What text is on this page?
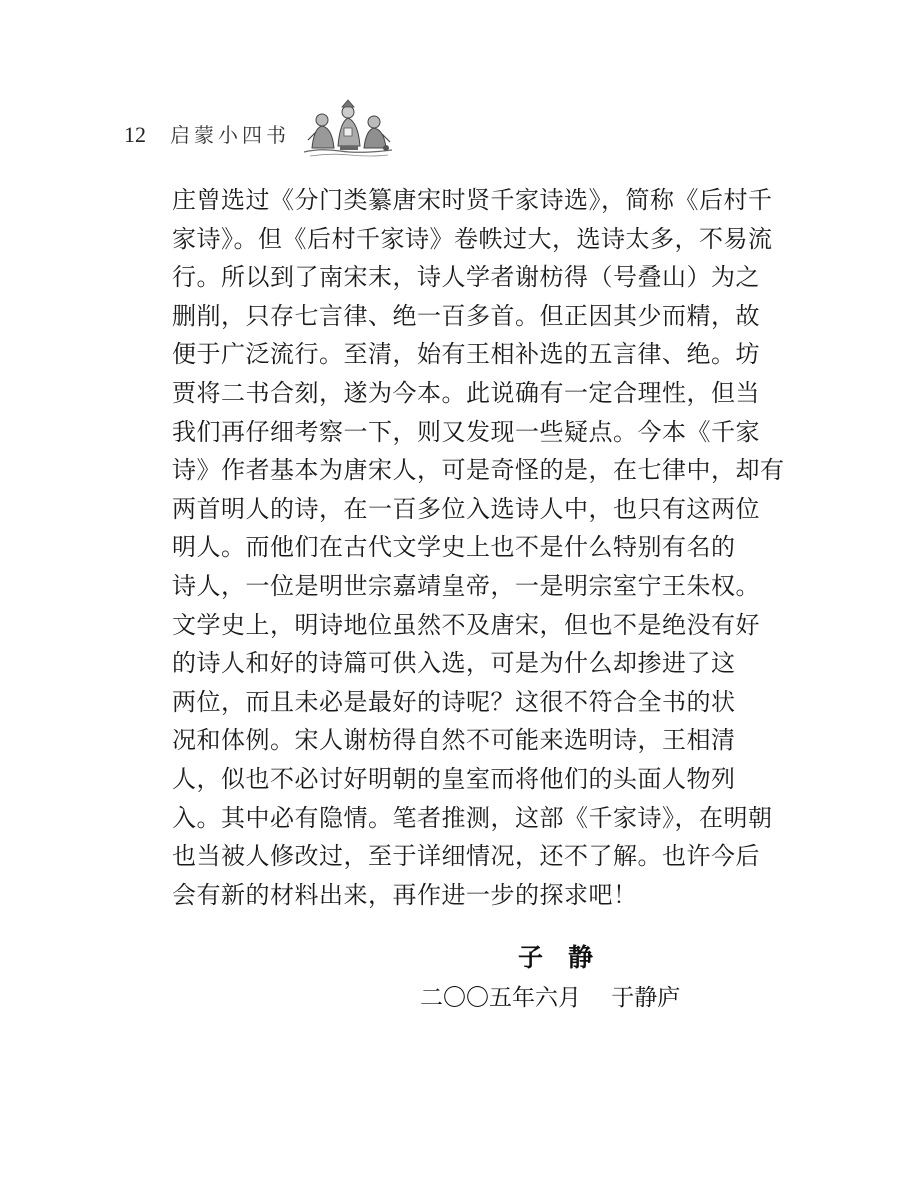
12 启蒙小四书
庄曾选过《分门类纂唐宋时贤千家诗选》，简称《后村千
家诗》。但《后村千家诗》卷帙过大，选诗太多，不易流
行。所以到了南宋末，诗人学者谢枋得（号叠山）为之
删削，只存七言律、绝一百多首。但正因其少而精，故
便于广泛流行。至清，始有王相补选的五言律、绝。坊
贾将二书合刻，遂为今本。此说确有一定合理性，但当
我们再仔细考察一下，则又发现一些疑点。今本《千家
诗》作者基本为唐宋人，可是奇怪的是，在七律中，却有
两首明人的诗，在一百多位入选诗人中，也只有这两位
明人。而他们在古代文学史上也不是什么特别有名的
诗人，一位是明世宗嘉靖皇帝，一是明宗室宁王朱权。
文学史上，明诗地位虽然不及唐宋，但也不是绝没有好
的诗人和好的诗篇可供入选，可是为什么却掺进了这
两位，而且未必是最好的诗呢？这很不符合全书的状
况和体例。宋人谢枋得自然不可能来选明诗，王相清
人，似也不必讨好明朝的皇室而将他们的头面人物列
入。其中必有隐情。笔者推测，这部《千家诗》，在明朝
也当被人修改过，至于详细情况，还不了解。也许今后
会有新的材料出来，再作进一步的探求吧！
子　静
二〇〇五年六月　 于静庐
